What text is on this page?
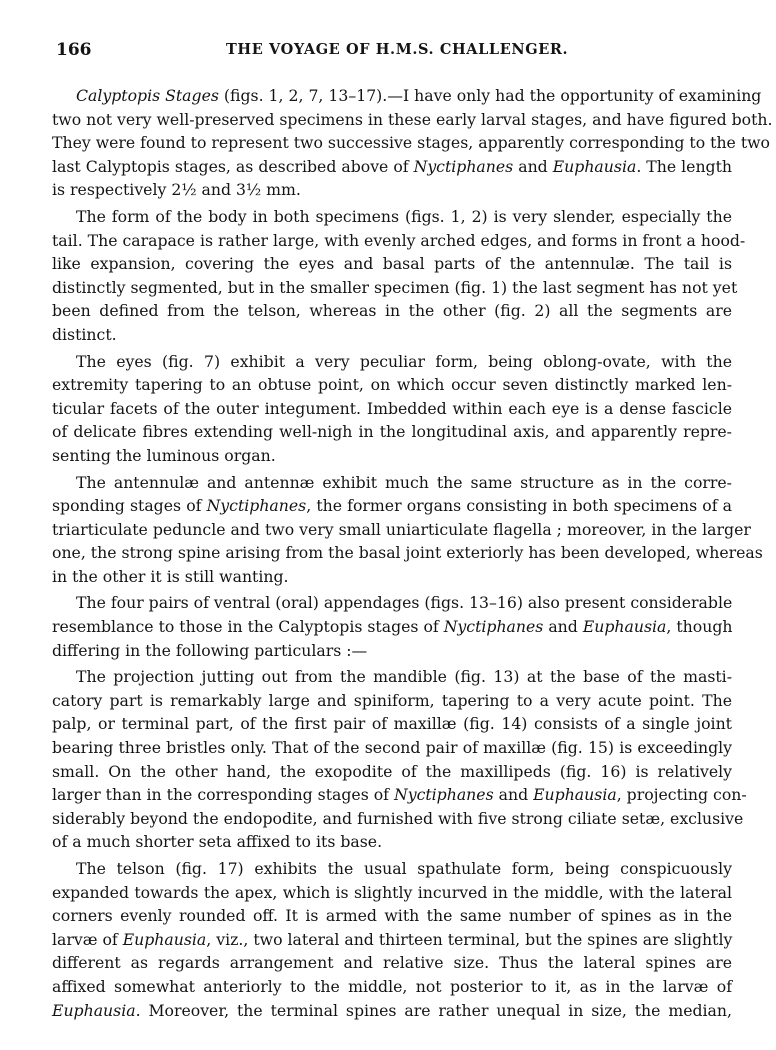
166	THE VOYAGE OF H.M.S. CHALLENGER.
Calyptopis Stages (figs. 1, 2, 7, 13–17).—I have only had the opportunity of examining
two not very well-preserved specimens in these early larval stages, and have figured both.
They were found to represent two successive stages, apparently corresponding to the two
last Calyptopis stages, as described above of Nyctiphanes and Euphausia. The length
is respectively 2½ and 3½ mm.
The form of the body in both specimens (figs. 1, 2) is very slender, especially the
tail. The carapace is rather large, with evenly arched edges, and forms in front a hood-
like expansion, covering the eyes and basal parts of the antennulæ. The tail is
distinctly segmented, but in the smaller specimen (fig. 1) the last segment has not yet
been defined from the telson, whereas in the other (fig. 2) all the segments are
distinct.
The eyes (fig. 7) exhibit a very peculiar form, being oblong-ovate, with the
extremity tapering to an obtuse point, on which occur seven distinctly marked len-
ticular facets of the outer integument. Imbedded within each eye is a dense fascicle
of delicate fibres extending well-nigh in the longitudinal axis, and apparently repre-
senting the luminous organ.
The antennulæ and antennæ exhibit much the same structure as in the corre-
sponding stages of Nyctiphanes, the former organs consisting in both specimens of a
triarticulate peduncle and two very small uniarticulate flagella ; moreover, in the larger
one, the strong spine arising from the basal joint exteriorly has been developed, whereas
in the other it is still wanting.
The four pairs of ventral (oral) appendages (figs. 13–16) also present considerable
resemblance to those in the Calyptopis stages of Nyctiphanes and Euphausia, though
differing in the following particulars :—
The projection jutting out from the mandible (fig. 13) at the base of the masti-
catory part is remarkably large and spiniform, tapering to a very acute point. The
palp, or terminal part, of the first pair of maxillæ (fig. 14) consists of a single joint
bearing three bristles only. That of the second pair of maxillæ (fig. 15) is exceedingly
small. On the other hand, the exopodite of the maxillipeds (fig. 16) is relatively
larger than in the corresponding stages of Nyctiphanes and Euphausia, projecting con-
siderably beyond the endopodite, and furnished with five strong ciliate setæ, exclusive
of a much shorter seta affixed to its base.
The telson (fig. 17) exhibits the usual spathulate form, being conspicuously
expanded towards the apex, which is slightly incurved in the middle, with the lateral
corners evenly rounded off. It is armed with the same number of spines as in the
larvæ of Euphausia, viz., two lateral and thirteen terminal, but the spines are slightly
different as regards arrangement and relative size. Thus the lateral spines are
affixed somewhat anteriorly to the middle, not posterior to it, as in the larvæ of
Euphausia. Moreover, the terminal spines are rather unequal in size, the median,
